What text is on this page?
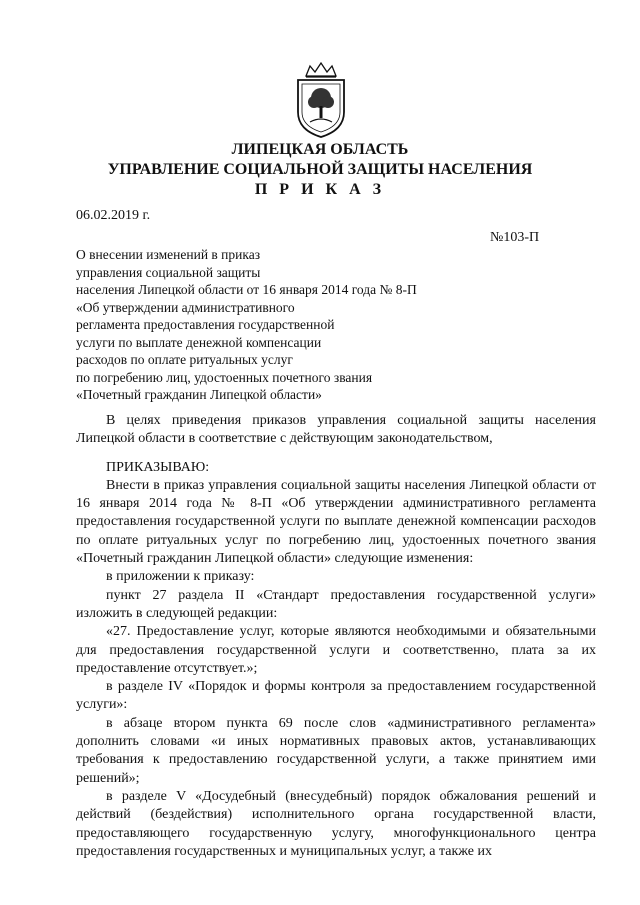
ЛИПЕЦКАЯ ОБЛАСТЬ
УПРАВЛЕНИЕ СОЦИАЛЬНОЙ ЗАЩИТЫ НАСЕЛЕНИЯ
П Р И К А З
06.02.2019 г.
№103-П
О внесении изменений в приказ
управления социальной защиты
населения Липецкой области от 16 января 2014 года № 8-П
«Об утверждении административного
регламента предоставления государственной
услуги по выплате денежной компенсации
расходов по оплате ритуальных услуг
по погребению лиц, удостоенных почетного звания
«Почетный гражданин Липецкой области»
В целях приведения приказов управления социальной защиты населения Липецкой области в соответствие с действующим законодательством,
ПРИКАЗЫВАЮ:
Внести в приказ управления социальной защиты населения Липецкой области от 16 января 2014 года № 8-П «Об утверждении административного регламента предоставления государственной услуги по выплате денежной компенсации расходов по оплате ритуальных услуг по погребению лиц, удостоенных почетного звания «Почетный гражданин Липецкой области» следующие изменения:
в приложении к приказу:
пункт 27 раздела II «Стандарт предоставления государственной услуги» изложить в следующей редакции:
«27. Предоставление услуг, которые являются необходимыми и обязательными для предоставления государственной услуги и соответственно, плата за их предоставление отсутствует.»;
в разделе IV «Порядок и формы контроля за предоставлением государственной услуги»:
в абзаце втором пункта 69 после слов «административного регламента» дополнить словами «и иных нормативных правовых актов, устанавливающих требования к предоставлению государственной услуги, а также принятием ими решений»;
в разделе V «Досудебный (внесудебный) порядок обжалования решений и действий (бездействия) исполнительного органа государственной власти, предоставляющего государственную услугу, многофункционального центра предоставления государственных и муниципальных услуг, а также их
